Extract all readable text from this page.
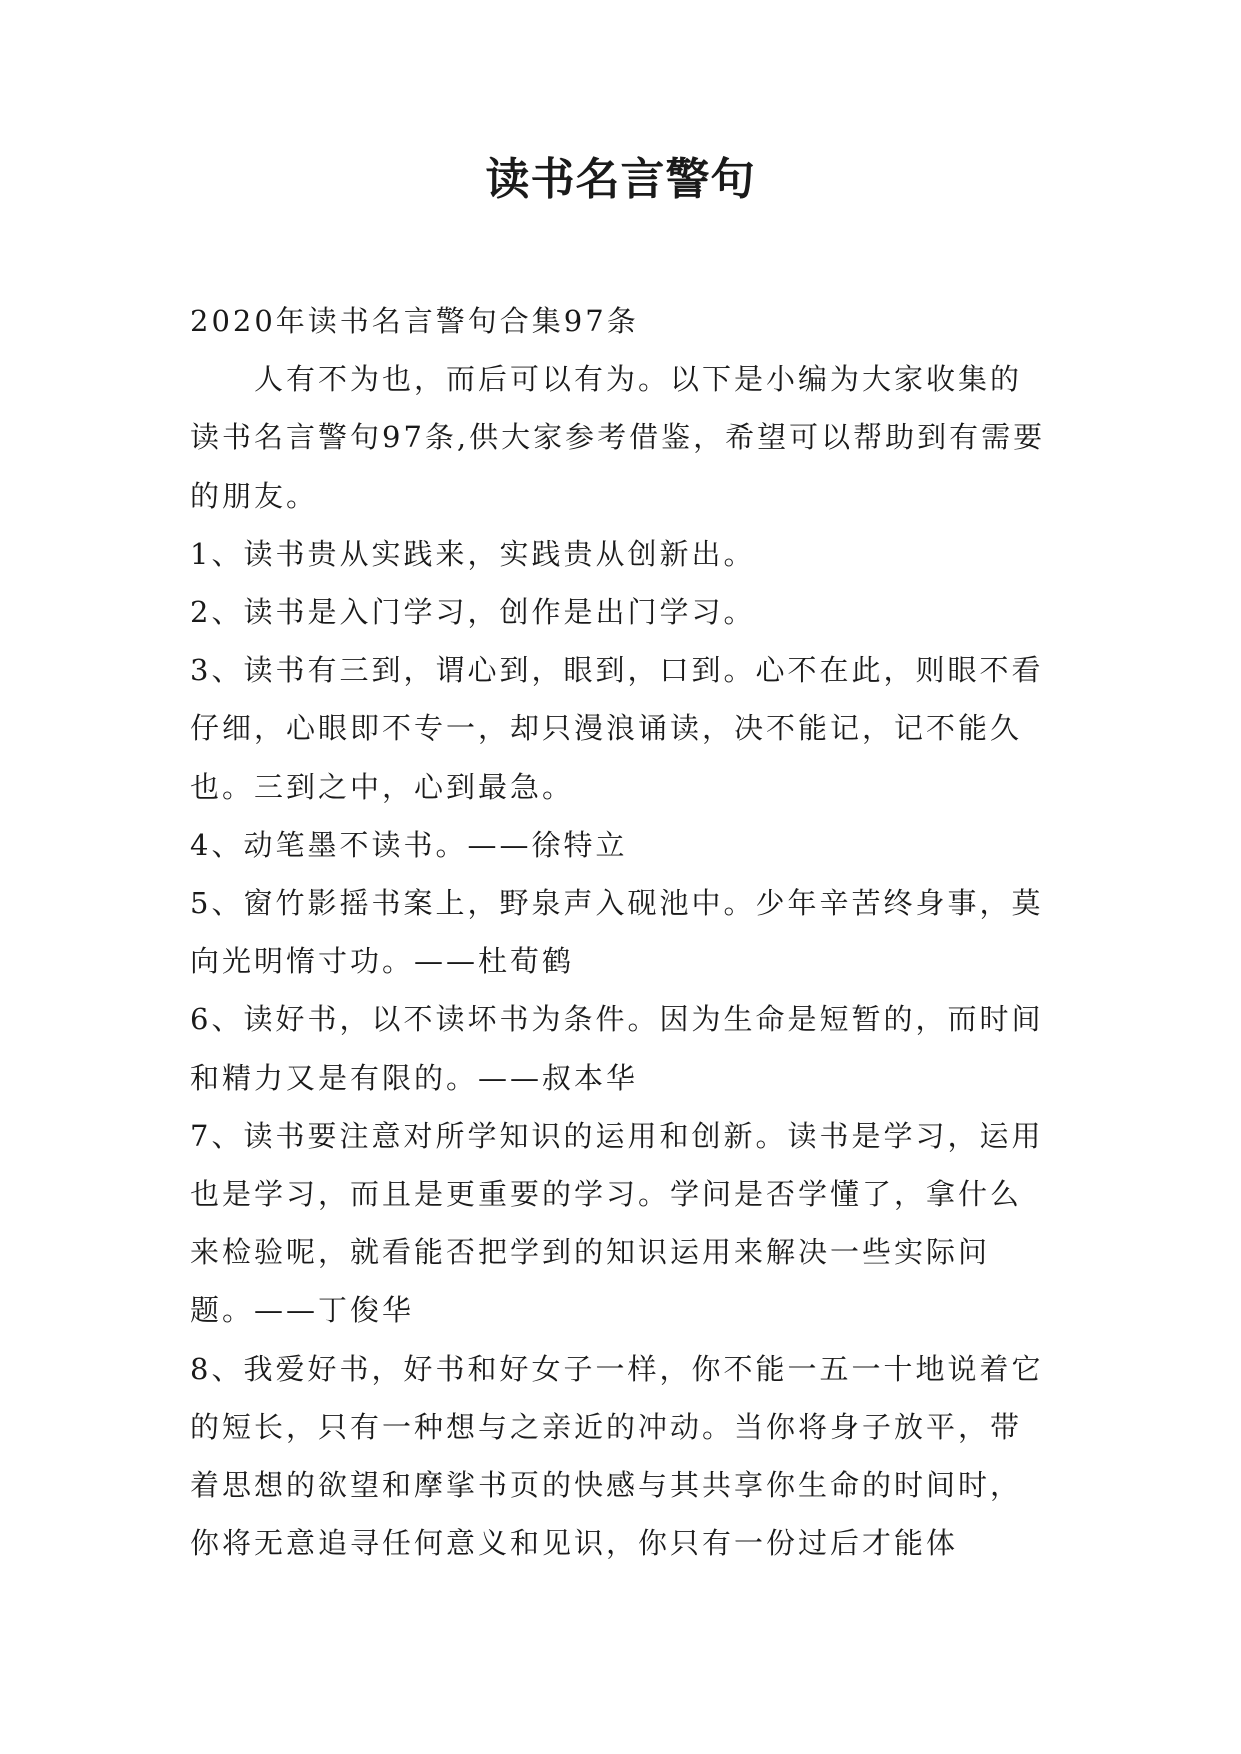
读书名言警句

2020年读书名言警句合集97条

人有不为也，而后可以有为。以下是小编为大家收集的读书名言警句97条,供大家参考借鉴，希望可以帮助到有需要的朋友。

1、读书贵从实践来，实践贵从创新出。

2、读书是入门学习，创作是出门学习。

3、读书有三到，谓心到，眼到，口到。心不在此，则眼不看仔细，心眼即不专一，却只漫浪诵读，决不能记，记不能久也。三到之中，心到最急。

4、动笔墨不读书。——徐特立

5、窗竹影摇书案上，野泉声入砚池中。少年辛苦终身事，莫向光明惰寸功。——杜荀鹤

6、读好书，以不读坏书为条件。因为生命是短暂的，而时间和精力又是有限的。——叔本华

7、读书要注意对所学知识的运用和创新。读书是学习，运用也是学习，而且是更重要的学习。学问是否学懂了，拿什么来检验呢，就看能否把学到的知识运用来解决一些实际问题。——丁俊华

8、我爱好书，好书和好女子一样，你不能一五一十地说着它的短长，只有一种想与之亲近的冲动。当你将身子放平，带着思想的欲望和摩挲书页的快感与其共享你生命的时间时，你将无意追寻任何意义和见识，你只有一份过后才能体
